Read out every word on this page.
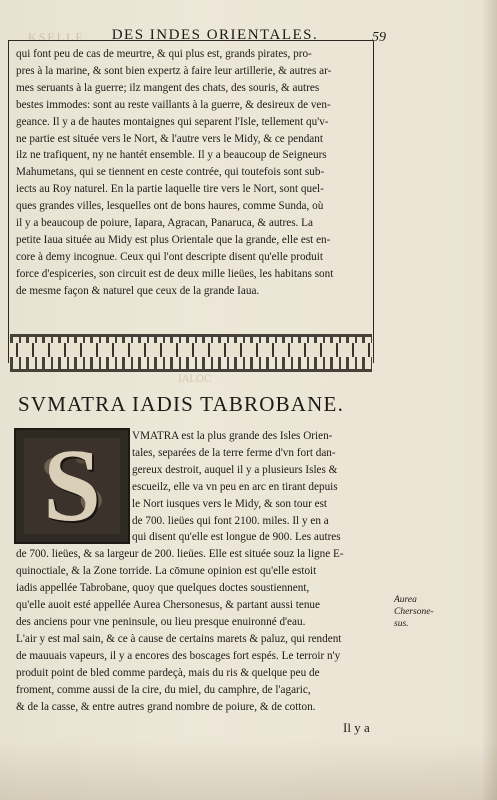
KSELLE	DES INDES ORIENTALES.	59
qui font peu de cas de meurtre, & qui plus est, grands pirates, pro-
pres à la marine, & sont bien expertz à faire leur artillerie, & autres ar-
mes seruants à la guerre; ilz mangent des chats, des souris, & autres
bestes immodes: sont au reste vaillants à la guerre, & desireux de ven-
geance. Il y a de hautes montaignes qui separent l'Isle, tellement qu'v-
ne partie est située vers le Nort, & l'autre vers le Midy, & ce pendant
ilz ne trafiquent, ny ne hantét ensemble. Il y a beaucoup de Seigneurs
Mahumetans, qui se tiennent en ceste contrée, qui toutefois sont sub-
iects au Roy naturel. En la partie laquelle tire vers le Nort, sont quel-
ques grandes villes, lesquelles ont de bons haures, comme Sunda, où
il y a beaucoup de poiure, Iapara, Agracan, Panaruca, & autres. La
petite Iaua située au Midy est plus Orientale que la grande, elle est en-
core à demy incognue. Ceux qui l'ont descripte disent qu'elle produit
force d'espiceries, son circuit est de deux mille lieües, les habitans sont
de mesme façon & naturel que ceux de la grande Iaua.
IALOC
SVMATRA IADIS TABROBANE.
S	VMATRA est la plus grande des Isles Orien-
tales, separées de la terre ferme d'vn fort dan-
gereux destroit, auquel il y a plusieurs Isles &
escueilz, elle va vn peu en arc en tirant depuis
le Nort iusques vers le Midy, & son tour est
de 700. lieües qui font 2100. miles. Il y en a
qui disent qu'elle est longue de 900. Les autres
de 700. lieües, & sa largeur de 200. lieües. Elle est située souz la ligne E-
quinoctiale, & la Zone torride. La cōmune opinion est qu'elle estoit
iadis appellée Tabrobane, quoy que quelques doctes soustiennent,
qu'elle auoit esté appellée Aurea Chersonesus, & partant aussi tenue
des anciens pour vne peninsule, ou lieu presque enuironné d'eau.
L'air y est mal sain, & ce à cause de certains marets & paluz, qui rendent
de mauuais vapeurs, il y a encores des boscages fort espés. Le terroir n'y
produit point de bled comme pardeçà, mais du ris & quelque peu de
froment, comme aussi de la cire, du miel, du camphre, de l'agaric,
& de la casse, & entre autres grand nombre de poiure, & de cotton.
Aurea
Chersone-
sus.
Il y a
